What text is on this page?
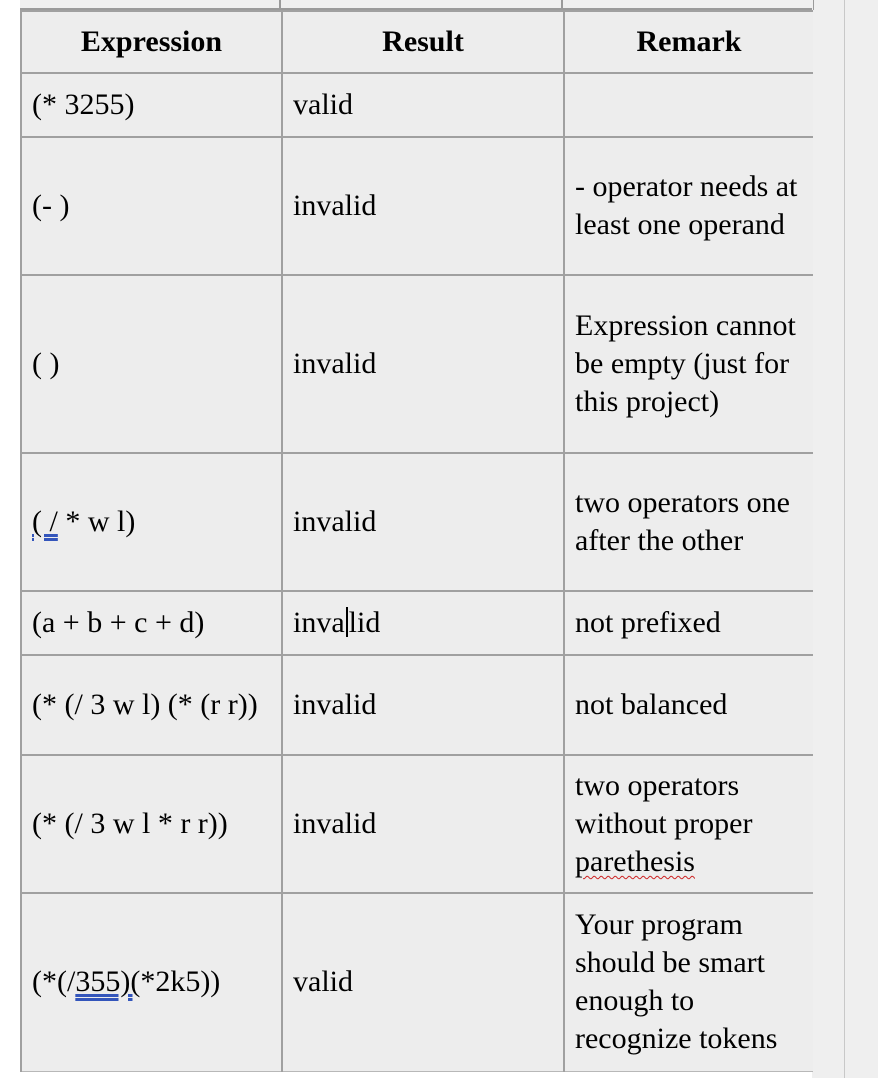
Expression	Result	Remark
(* 3255)	valid	
(- )	invalid	- operator needs at least one operand
( )	invalid	Expression cannot be empty (just for this project)
( / * w l)	invalid	two operators one after the other
(a + b + c + d)	inva lid	not prefixed
(* (/ 3 w l) (* (r r))	invalid	not balanced
(* (/ 3 w l * r r))	invalid	two operators without proper parethesis
(*(/355)(*2k5))	valid	Your program should be smart enough to recognize tokens
